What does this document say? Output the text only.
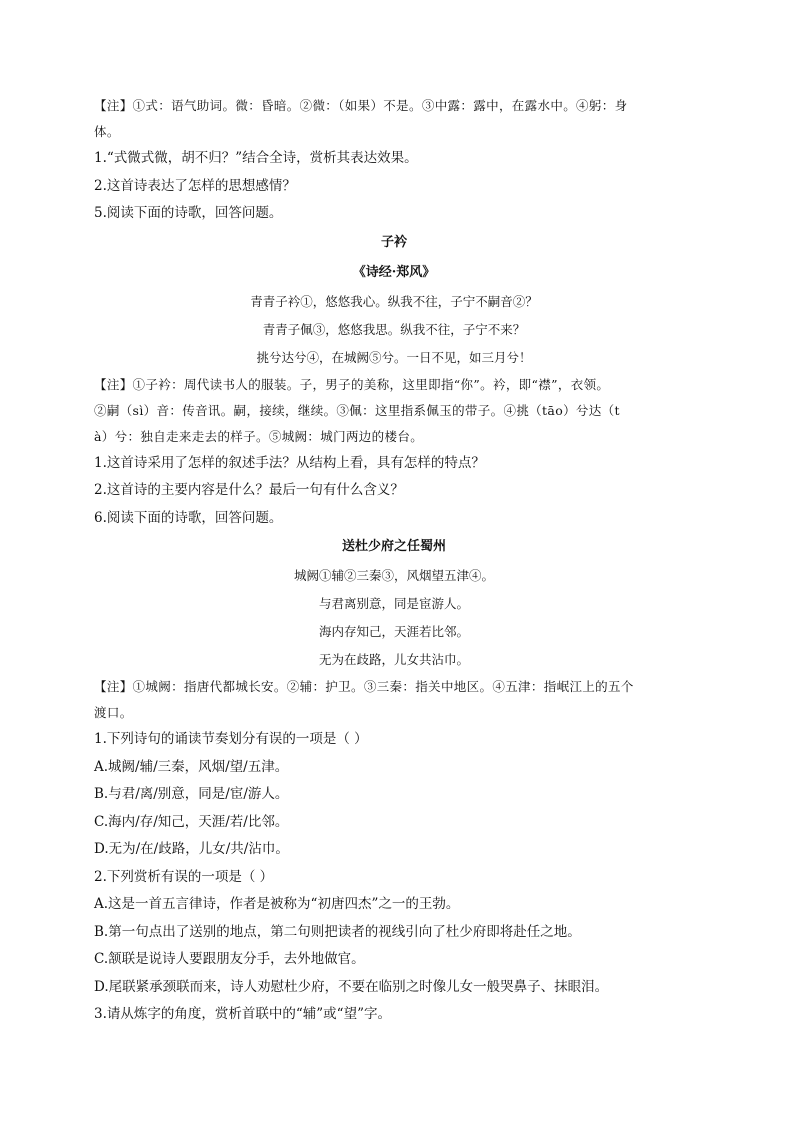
【注】①式：语气助词。微：昏暗。②微：（如果）不是。③中露：露中，在露水中。④躬：身
体。
1.“式微式微，胡不归？”结合全诗，赏析其表达效果。
2.这首诗表达了怎样的思想感情？
5.阅读下面的诗歌，回答问题。
子衿
《诗经·郑风》
青青子衿①，悠悠我心。纵我不往，子宁不嗣音②？
青青子佩③，悠悠我思。纵我不往，子宁不来？
挑兮达兮④，在城阙⑤兮。一日不见，如三月兮！
【注】①子衿：周代读书人的服装。子，男子的美称，这里即指“你”。衿，即“襟”，衣领。
②嗣（sì）音：传音讯。嗣，接续，继续。③佩：这里指系佩玉的带子。④挑（tāo）兮达（t
à）兮：独自走来走去的样子。⑤城阙：城门两边的楼台。
1.这首诗采用了怎样的叙述手法？从结构上看，具有怎样的特点？
2.这首诗的主要内容是什么？最后一句有什么含义？
6.阅读下面的诗歌，回答问题。
送杜少府之任蜀州
城阙①辅②三秦③，风烟望五津④。
与君离别意，同是宦游人。
海内存知己，天涯若比邻。
无为在歧路，儿女共沾巾。
【注】①城阙：指唐代都城长安。②辅：护卫。③三秦：指关中地区。④五津：指岷江上的五个
渡口。
1.下列诗句的诵读节奏划分有误的一项是（ ）
A.城阙/辅/三秦，风烟/望/五津。
B.与君/离/别意，同是/宦/游人。
C.海内/存/知己，天涯/若/比邻。
D.无为/在/歧路，儿女/共/沾巾。
2.下列赏析有误的一项是（ ）
A.这是一首五言律诗，作者是被称为“初唐四杰”之一的王勃。
B.第一句点出了送别的地点，第二句则把读者的视线引向了杜少府即将赴任之地。
C.颔联是说诗人要跟朋友分手，去外地做官。
D.尾联紧承颈联而来，诗人劝慰杜少府，不要在临别之时像儿女一般哭鼻子、抹眼泪。
3.请从炼字的角度，赏析首联中的“辅”或“望”字。
